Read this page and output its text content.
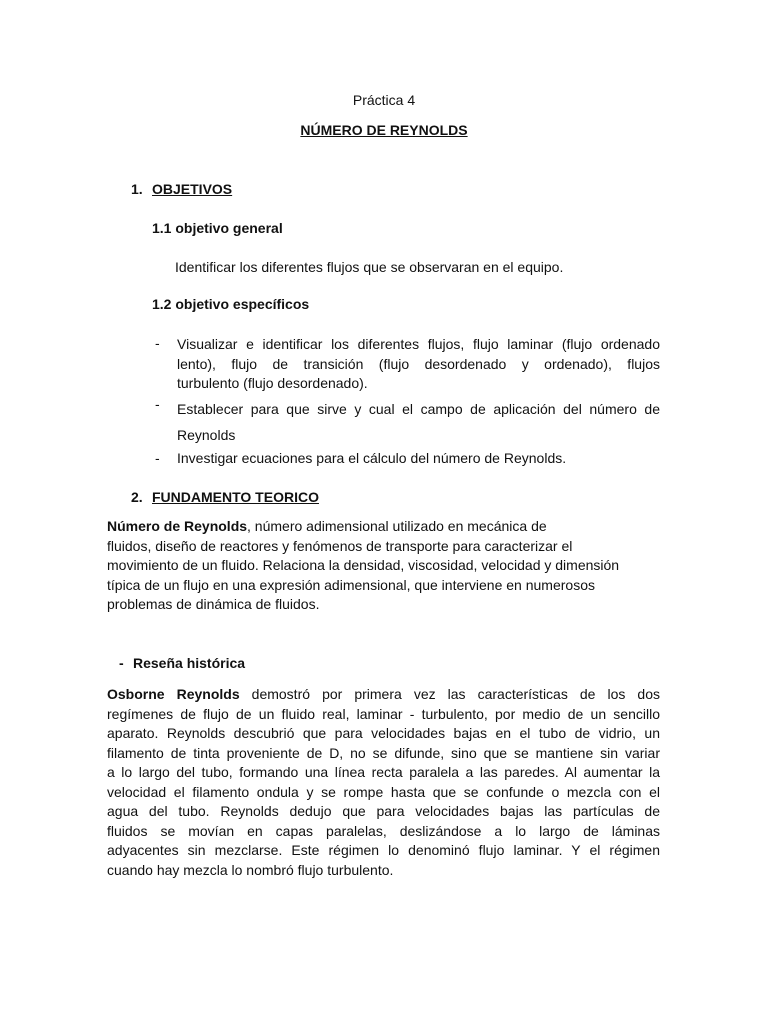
Práctica 4
NÚMERO DE REYNOLDS
1. OBJETIVOS
1.1 objetivo general
Identificar los diferentes flujos que se observaran en el equipo.
1.2 objetivo específicos
- Visualizar e identificar los diferentes flujos, flujo laminar (flujo ordenado
lento), flujo de transición (flujo desordenado y ordenado), flujos
turbulento (flujo desordenado).
- Establecer para que sirve y cual el campo de aplicación del número de
Reynolds
- Investigar ecuaciones para el cálculo del número de Reynolds.
2. FUNDAMENTO TEORICO
Número de Reynolds, número adimensional utilizado en mecánica de
fluidos, diseño de reactores y fenómenos de transporte para caracterizar el
movimiento de un fluido. Relaciona la densidad, viscosidad, velocidad y dimensión
típica de un flujo en una expresión adimensional, que interviene en numerosos
problemas de dinámica de fluidos.
- Reseña histórica
Osborne Reynolds demostró por primera vez las características de los dos
regímenes de flujo de un fluido real, laminar - turbulento, por medio de un sencillo
aparato. Reynolds descubrió que para velocidades bajas en el tubo de vidrio, un
filamento de tinta proveniente de D, no se difunde, sino que se mantiene sin variar
a lo largo del tubo, formando una línea recta paralela a las paredes. Al aumentar la
velocidad el filamento ondula y se rompe hasta que se confunde o mezcla con el
agua del tubo. Reynolds dedujo que para velocidades bajas las partículas de
fluidos se movían en capas paralelas, deslizándose a lo largo de láminas
adyacentes sin mezclarse. Este régimen lo denominó flujo laminar. Y el régimen
cuando hay mezcla lo nombró flujo turbulento.
